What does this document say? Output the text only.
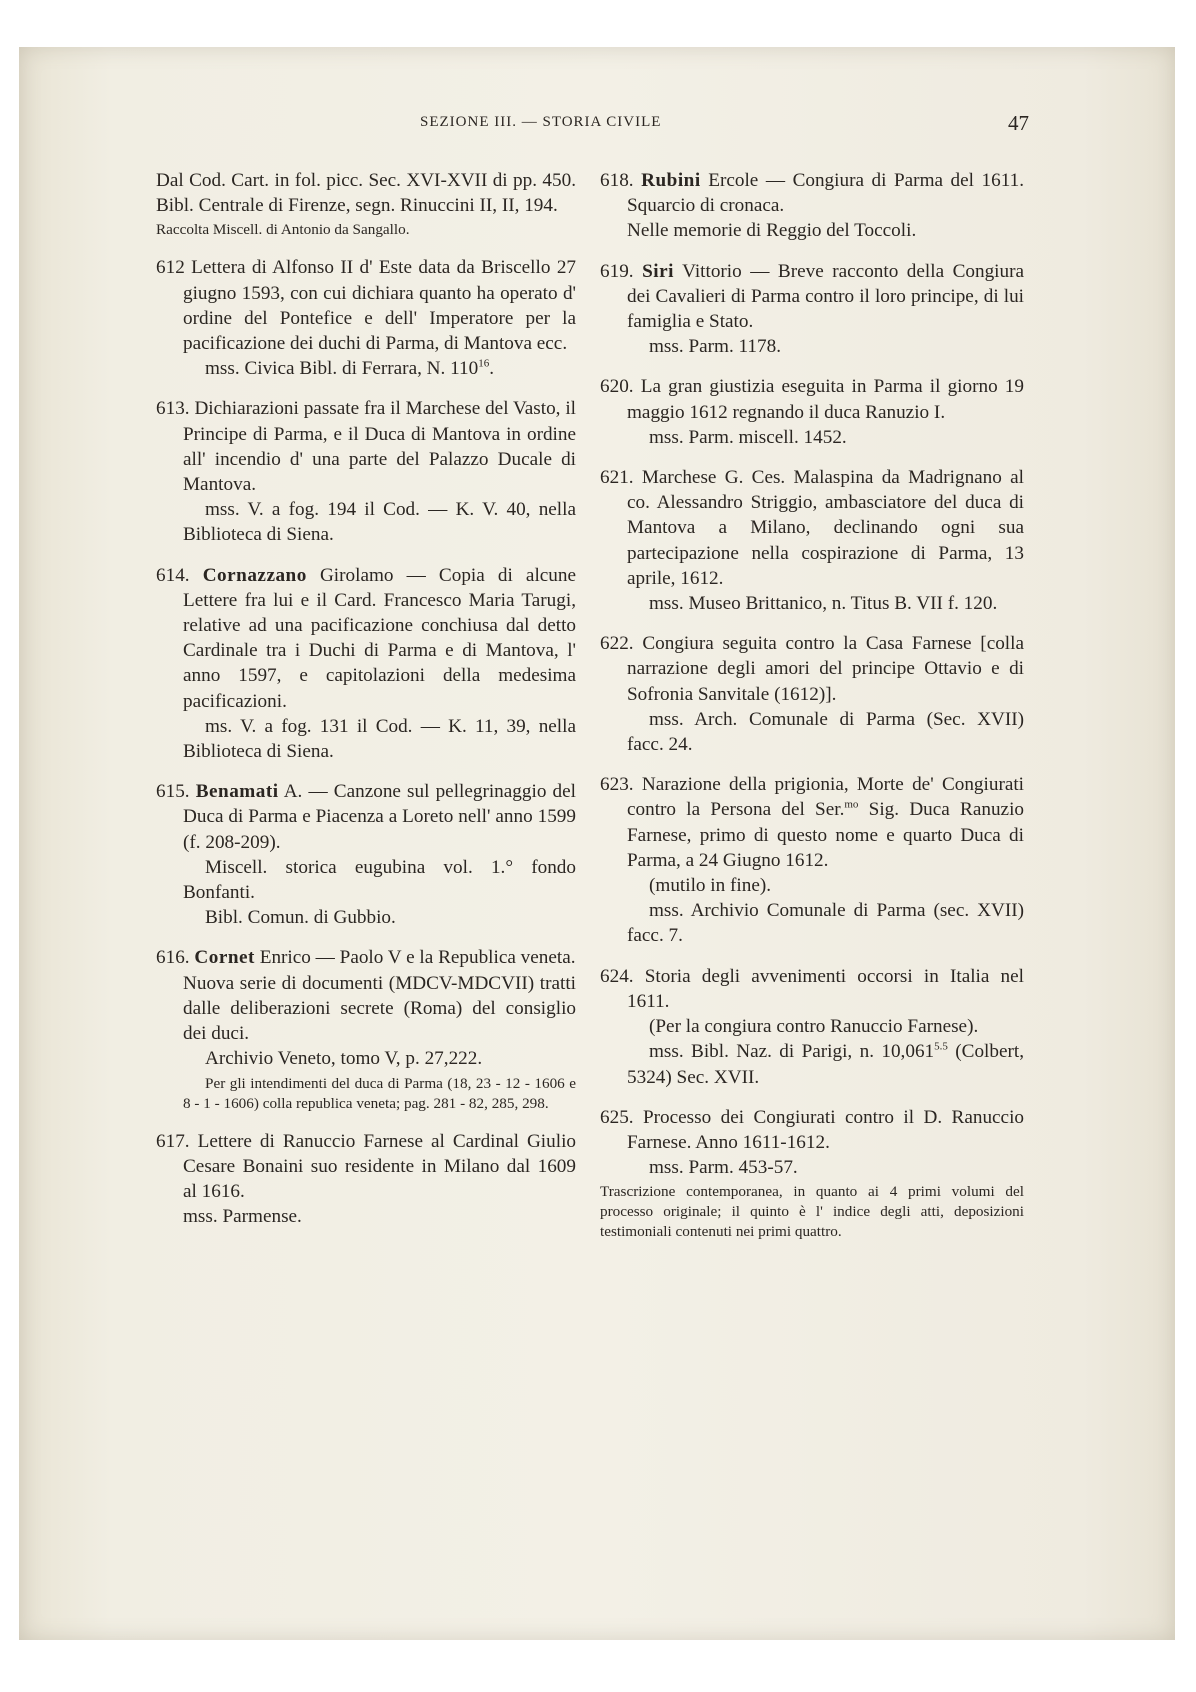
SEZIONE III. — STORIA CIVILE	47

Dal Cod. Cart. in fol. picc. Sec. XVI-XVII di pp. 450. Bibl. Centrale di Firenze, segn. Rinuccini II, II, 194.

Raccolta Miscell. di Antonio da Sangallo.

612 Lettera di Alfonso II d' Este data da Briscello 27 giugno 1593, con cui dichiara quanto ha operato d' ordine del Pontefice e dell' Imperatore per la pacificazione dei duchi di Parma, di Mantova ecc.

mss. Civica Bibl. di Ferrara, N. $110^{16}$.

613. Dichiarazioni passate fra il Marchese del Vasto, il Principe di Parma, e il Duca di Mantova in ordine all' incendio d' una parte del Palazzo Ducale di Mantova.

mss. V. a fog. 194 il Cod. — K. V. 40, nella Biblioteca di Siena.

614. Cornazzano Girolamo — Copia di alcune Lettere fra lui e il Card. Francesco Maria Tarugi, relative ad una pacificazione conchiusa dal detto Cardinale tra i Duchi di Parma e di Mantova, l' anno 1597, e capitolazioni della medesima pacificazioni.

ms. V. a fog. 131 il Cod. — K. 11, 39, nella Biblioteca di Siena.

615. Benamati A. — Canzone sul pellegrinaggio del Duca di Parma e Piacenza a Loreto nell' anno 1599 (f. 208-209).

Miscell. storica eugubina vol. 1.° fondo Bonfanti.

Bibl. Comun. di Gubbio.

616. Cornet Enrico — Paolo V e la Republica veneta.

Nuova serie di documenti (MDCV-MDCVII) tratti dalle deliberazioni secrete (Roma) del consiglio dei duci.

Archivio Veneto, tomo V, p. 27,222.

Per gli intendimenti del duca di Parma (18, 23 - 12 - 1606 e 8 - 1 - 1606) colla republica veneta; pag. 281 - 82, 285, 298.

617. Lettere di Ranuccio Farnese al Cardinal Giulio Cesare Bonaini suo residente in Milano dal 1609 al 1616.

mss. Parmense.

618. Rubini Ercole — Congiura di Parma del 1611. Squarcio di cronaca.

Nelle memorie di Reggio del Toccoli.

619. Siri Vittorio — Breve racconto della Congiura dei Cavalieri di Parma contro il loro principe, di lui famiglia e Stato.

mss. Parm. 1178.

620. La gran giustizia eseguita in Parma il giorno 19 maggio 1612 regnando il duca Ranuzio I.

mss. Parm. miscell. 1452.

621. Marchese G. Ces. Malaspina da Madrignano al co. Alessandro Striggio, ambasciatore del duca di Mantova a Milano, declinando ogni sua partecipazione nella cospirazione di Parma, 13 aprile, 1612.

mss. Museo Brittanico, n. Titus B. VII f. 120.

622. Congiura seguita contro la Casa Farnese [colla narrazione degli amori del principe Ottavio e di Sofronia Sanvitale (1612)].

mss. Arch. Comunale di Parma (Sec. XVII) facc. 24.

623. Narazione della prigionia, Morte de' Congiurati contro la Persona del Ser.$^{mo}$ Sig. Duca Ranuzio Farnese, primo di questo nome e quarto Duca di Parma, a 24 Giugno 1612.

(mutilo in fine).

mss. Archivio Comunale di Parma (sec. XVII) facc. 7.

624. Storia degli avvenimenti occorsi in Italia nel 1611.

(Per la congiura contro Ranuccio Farnese).

mss. Bibl. Naz. di Parigi, n. $10,061^{5.5}$ (Colbert, 5324) Sec. XVII.

625. Processo dei Congiurati contro il D. Ranuccio Farnese. Anno 1611-1612.

mss. Parm. 453-57.

Trascrizione contemporanea, in quanto ai 4 primi volumi del processo originale; il quinto è l' indice degli atti, deposizioni testimoniali contenuti nei primi quattro.
